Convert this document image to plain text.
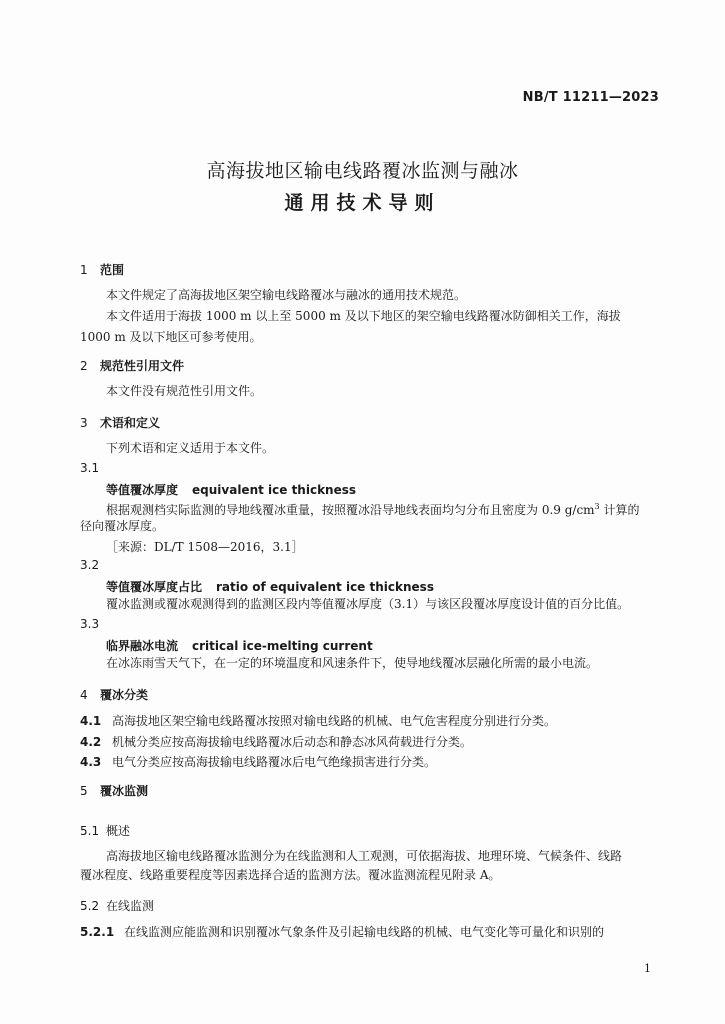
NB/T 11211—2023
高海拔地区输电线路覆冰监测与融冰
通用技术导则
1 范围
本文件规定了高海拔地区架空输电线路覆冰与融冰的通用技术规范。
本文件适用于海拔 1000 m 以上至 5000 m 及以下地区的架空输电线路覆冰防御相关工作，海拔
1000 m 及以下地区可参考使用。
2 规范性引用文件
本文件没有规范性引用文件。
3 术语和定义
下列术语和定义适用于本文件。
3.1
等值覆冰厚度 equivalent ice thickness
根据观测档实际监测的导地线覆冰重量，按照覆冰沿导地线表面均匀分布且密度为 0.9 $g/cm^3$ 计算的
径向覆冰厚度。
［来源：DL/T 1508—2016，3.1］
3.2
等值覆冰厚度占比 ratio of equivalent ice thickness
覆冰监测或覆冰观测得到的监测区段内等值覆冰厚度（3.1）与该区段覆冰厚度设计值的百分比值。
3.3
临界融冰电流 critical ice-melting current
在冰冻雨雪天气下，在一定的环境温度和风速条件下，使导地线覆冰层融化所需的最小电流。
4 覆冰分类
4.1 高海拔地区架空输电线路覆冰按照对输电线路的机械、电气危害程度分别进行分类。
4.2 机械分类应按高海拔输电线路覆冰后动态和静态冰风荷载进行分类。
4.3 电气分类应按高海拔输电线路覆冰后电气绝缘损害进行分类。
5 覆冰监测
5.1 概述
高海拔地区输电线路覆冰监测分为在线监测和人工观测，可依据海拔、地理环境、气候条件、线路
覆冰程度、线路重要程度等因素选择合适的监测方法。覆冰监测流程见附录 A。
5.2 在线监测
5.2.1 在线监测应能监测和识别覆冰气象条件及引起输电线路的机械、电气变化等可量化和识别的
1
